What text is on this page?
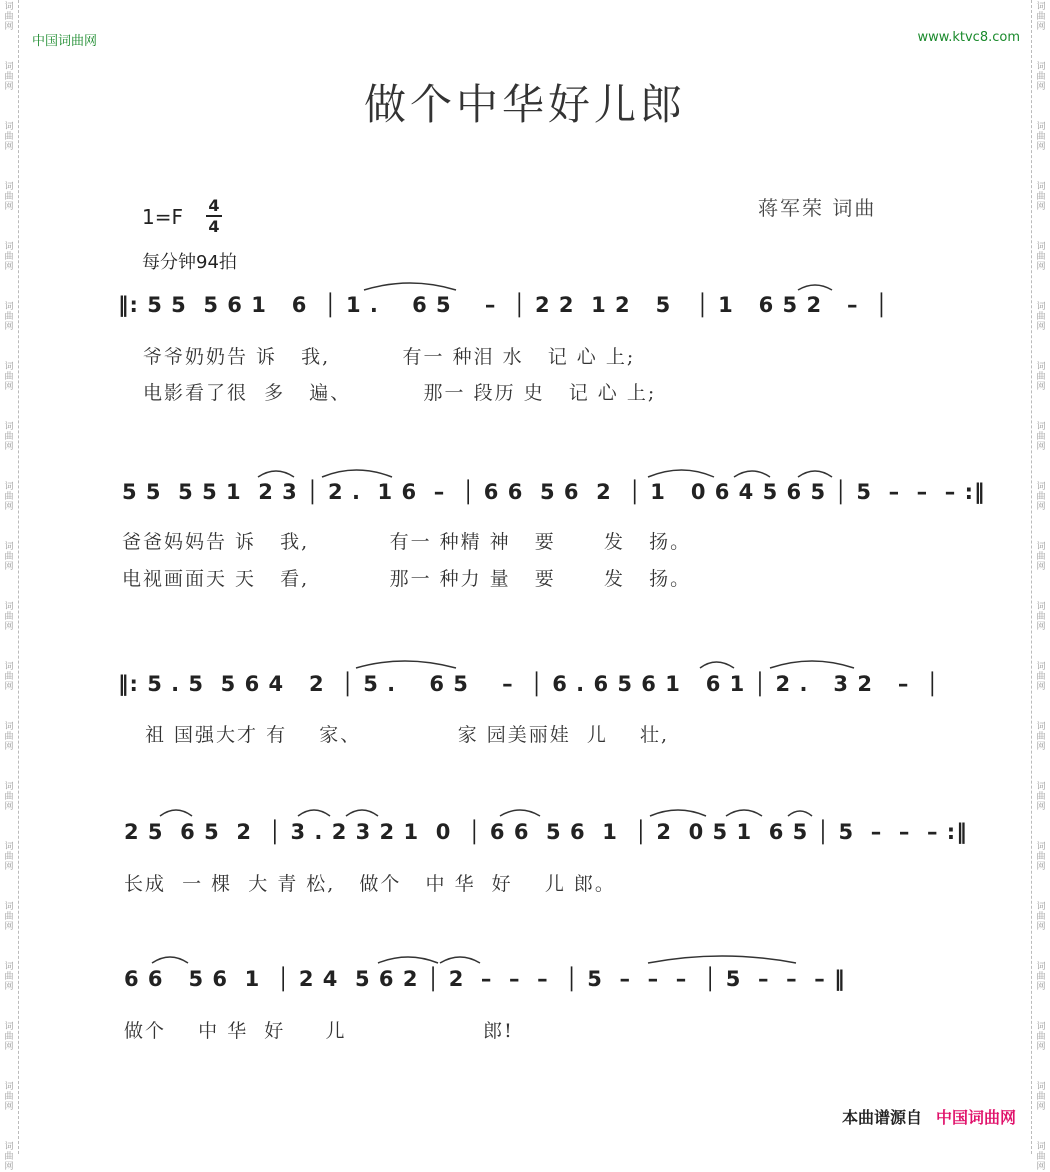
词
曲
网
词
曲
网
词
曲
网
词
曲
网
词
曲
网
词
曲
网
词
曲
网
词
曲
网
词
曲
网
词
曲
网
词
曲
网
词
曲
网
词
曲
网
词
曲
网
词
曲
网
词
曲
网
词
曲
网
词
曲
网
词
曲
网
词
曲
网
词
曲
网
词
曲
网
词
曲
网
词
曲
网
词
曲
网
词
曲
网
词
曲
网
词
曲
网
词
曲
网
词
曲
网
词
曲
网
词
曲
网
词
曲
网
词
曲
网
词
曲
网
词
曲
网
词
曲
网
词
曲
网
词
曲
网
词
曲
网
中国词曲网	www.ktvc8.com
做个中华好儿郎
蒋军荣 词曲
1=F 4
4
每分钟94拍
‖: 5 5  5 6 1   6  │ 1 .    6 5    –  │ 2 2  1 2   5   │ 1   6 5 2   –  │
爷爷奶奶告 诉   我,         有一 种泪 水   记 心 上;
电影看了很  多   遍、         那一 段历 史   记 心 上;
5 5  5 5 1  2 3 │ 2 .  1 6  –  │ 6 6  5 6  2  │ 1   0 6 4 5 6 5 │ 5  –  –  – :‖
爸爸妈妈告 诉   我,          有一 种精 神   要      发   扬。
电视画面天 天   看,          那一 种力 量   要      发   扬。
‖: 5 . 5  5 6 4   2  │ 5 .    6 5    –  │ 6 . 6 5 6 1   6 1 │ 2 .   3 2   –  │
祖 国强大才 有    家、            家 园美丽娃  儿    壮,
2 5  6 5  2  │ 3 . 2 3 2 1  0  │ 6 6  5 6  1  │ 2  0 5 1  6 5 │ 5  –  –  – :‖
长成  一 棵  大 青 松,   做个   中 华  好    儿 郎。
6 6   5 6  1  │ 2 4  5 6 2 │ 2  –  –  –  │ 5  –  –  –  │ 5  –  –  – ‖
做个    中 华  好     儿                 郎!
本曲谱源自 中国词曲网
